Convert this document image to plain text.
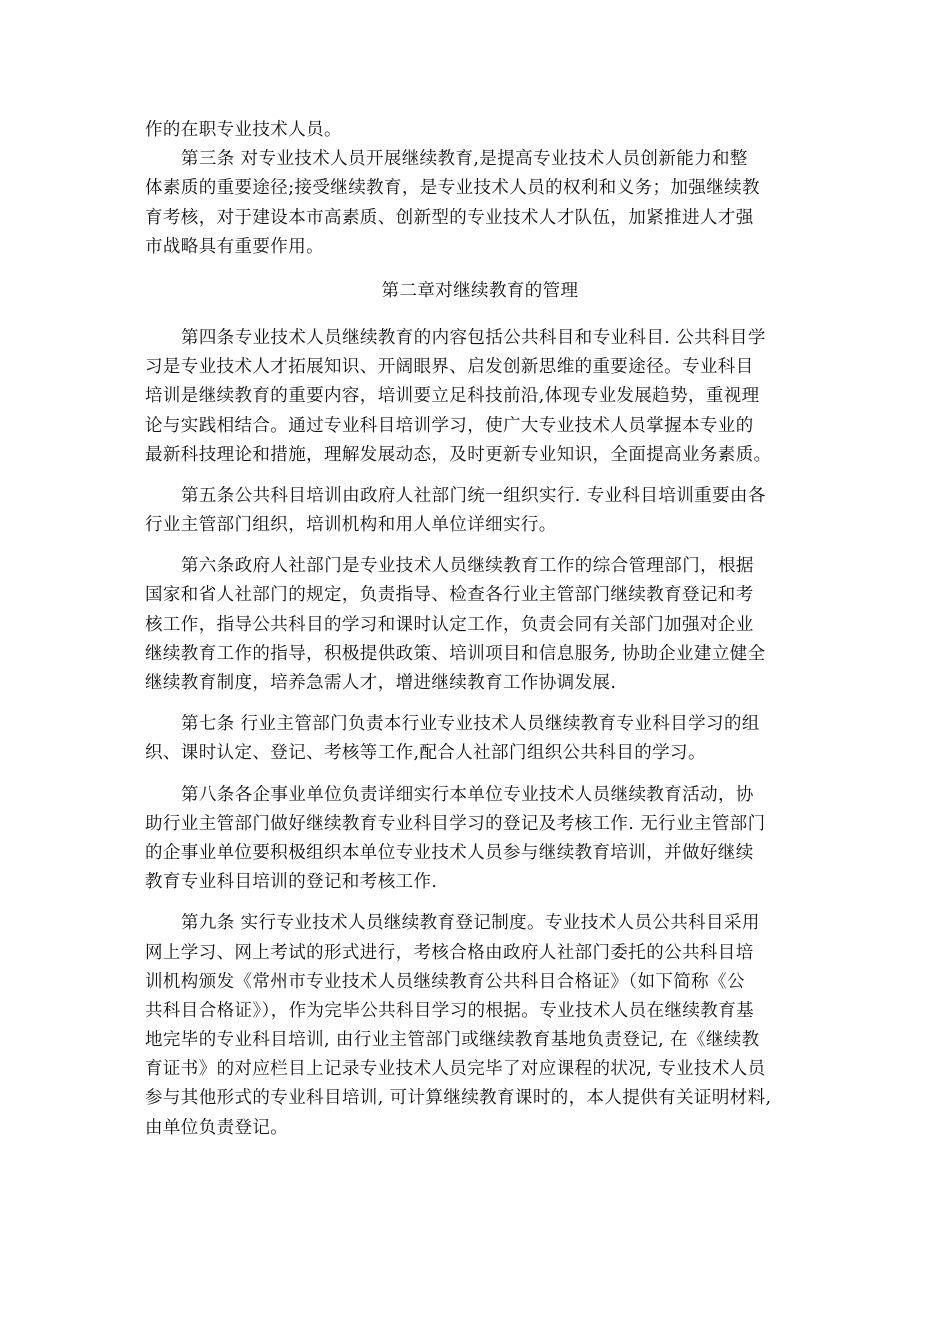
作的在职专业技术人员。
第三条 对专业技术人员开展继续教育,是提高专业技术人员创新能力和整
体素质的重要途径;接受继续教育，是专业技术人员的权利和义务；加强继续教
育考核，对于建设本市高素质、创新型的专业技术人才队伍，加紧推进人才强
市战略具有重要作用。
第二章对继续教育的管理
第四条专业技术人员继续教育的内容包括公共科目和专业科目. 公共科目学
习是专业技术人才拓展知识、开阔眼界、启发创新思维的重要途径。专业科目
培训是继续教育的重要内容，培训要立足科技前沿,体现专业发展趋势，重视理
论与实践相结合。通过专业科目培训学习，使广大专业技术人员掌握本专业的
最新科技理论和措施，理解发展动态，及时更新专业知识，全面提高业务素质。
第五条公共科目培训由政府人社部门统一组织实行. 专业科目培训重要由各
行业主管部门组织，培训机构和用人单位详细实行。
第六条政府人社部门是专业技术人员继续教育工作的综合管理部门，根据
国家和省人社部门的规定，负责指导、检查各行业主管部门继续教育登记和考
核工作，指导公共科目的学习和课时认定工作，负责会同有关部门加强对企业
继续教育工作的指导，积极提供政策、培训项目和信息服务, 协助企业建立健全
继续教育制度，培养急需人才，增进继续教育工作协调发展.
第七条 行业主管部门负责本行业专业技术人员继续教育专业科目学习的组
织、课时认定、登记、考核等工作,配合人社部门组织公共科目的学习。
第八条各企事业单位负责详细实行本单位专业技术人员继续教育活动，协
助行业主管部门做好继续教育专业科目学习的登记及考核工作. 无行业主管部门
的企事业单位要积极组织本单位专业技术人员参与继续教育培训，并做好继续
教育专业科目培训的登记和考核工作.
第九条 实行专业技术人员继续教育登记制度。专业技术人员公共科目采用
网上学习、网上考试的形式进行，考核合格由政府人社部门委托的公共科目培
训机构颁发《常州市专业技术人员继续教育公共科目合格证》（如下简称《公
共科目合格证》），作为完毕公共科目学习的根据。专业技术人员在继续教育基
地完毕的专业科目培训, 由行业主管部门或继续教育基地负责登记, 在《继续教
育证书》的对应栏目上记录专业技术人员完毕了对应课程的状况, 专业技术人员
参与其他形式的专业科目培训, 可计算继续教育课时的，本人提供有关证明材料,
由单位负责登记。
